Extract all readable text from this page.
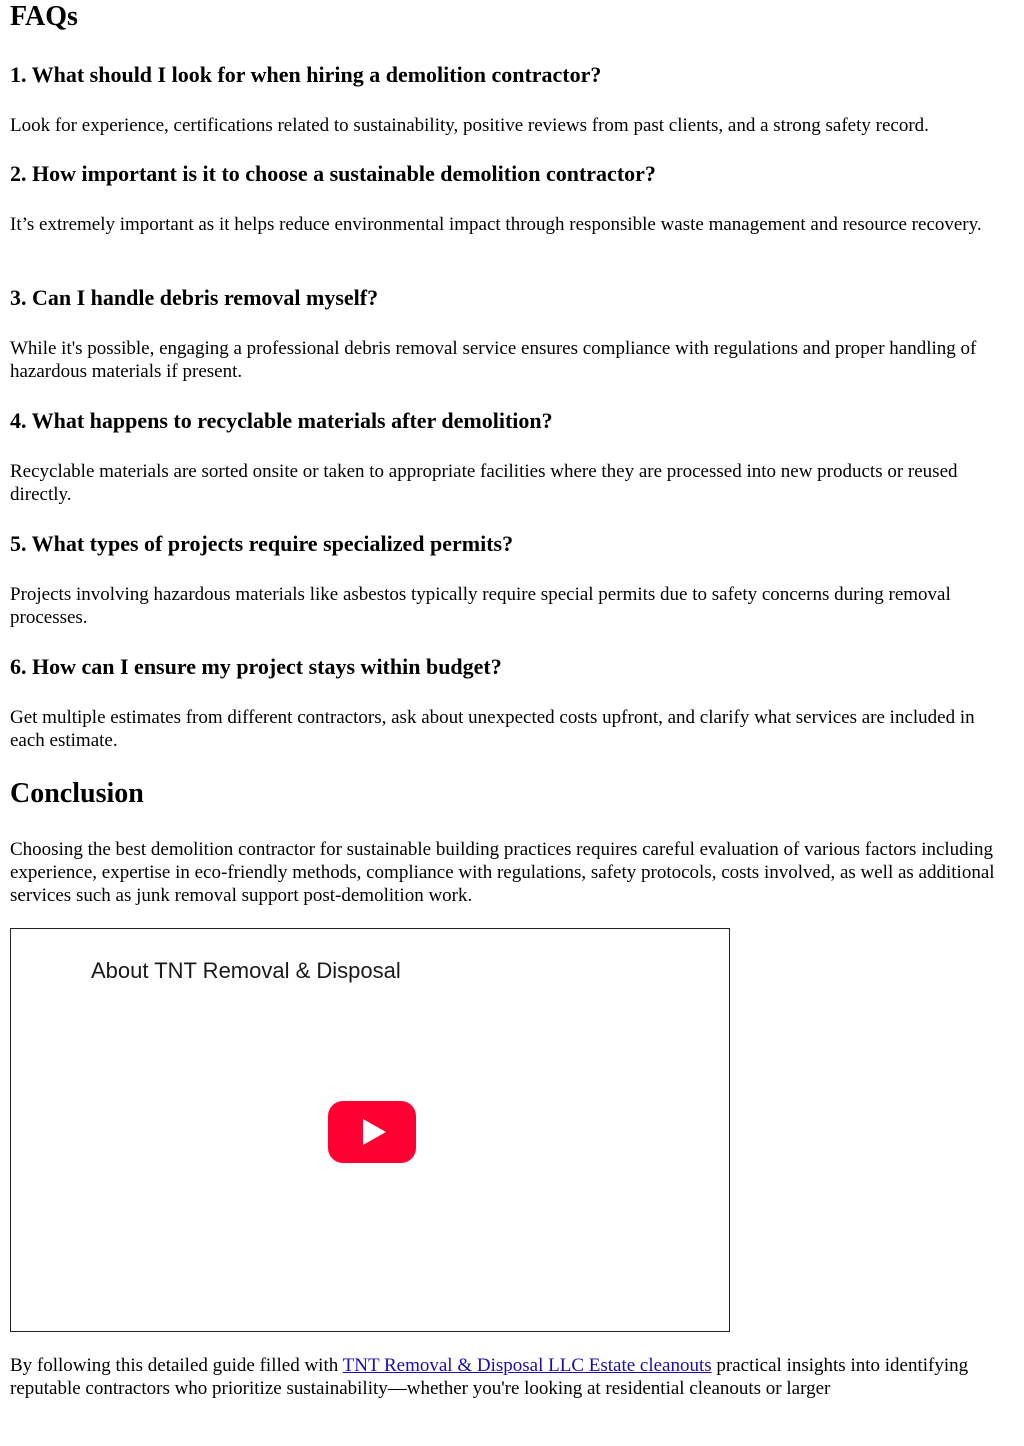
FAQs
1. What should I look for when hiring a demolition contractor?

Look for experience, certifications related to sustainability, positive reviews from past clients, and a strong safety record.

2. How important is it to choose a sustainable demolition contractor?

It’s extremely important as it helps reduce environmental impact through responsible waste management and resource recovery.

3. Can I handle debris removal myself?

While it's possible, engaging a professional debris removal service ensures compliance with regulations and proper handling of hazardous materials if present.

4. What happens to recyclable materials after demolition?

Recyclable materials are sorted onsite or taken to appropriate facilities where they are processed into new products or reused directly.

5. What types of projects require specialized permits?

Projects involving hazardous materials like asbestos typically require special permits due to safety concerns during removal processes.

6. How can I ensure my project stays within budget?

Get multiple estimates from different contractors, ask about unexpected costs upfront, and clarify what services are included in each estimate.

Conclusion

Choosing the best demolition contractor for sustainable building practices requires careful evaluation of various factors including experience, expertise in eco-friendly methods, compliance with regulations, safety protocols, costs involved, as well as additional services such as junk removal support post-demolition work.

About TNT Removal & Disposal

By following this detailed guide filled with TNT Removal & Disposal LLC Estate cleanouts practical insights into identifying reputable contractors who prioritize sustainability—whether you're looking at residential cleanouts or larger
